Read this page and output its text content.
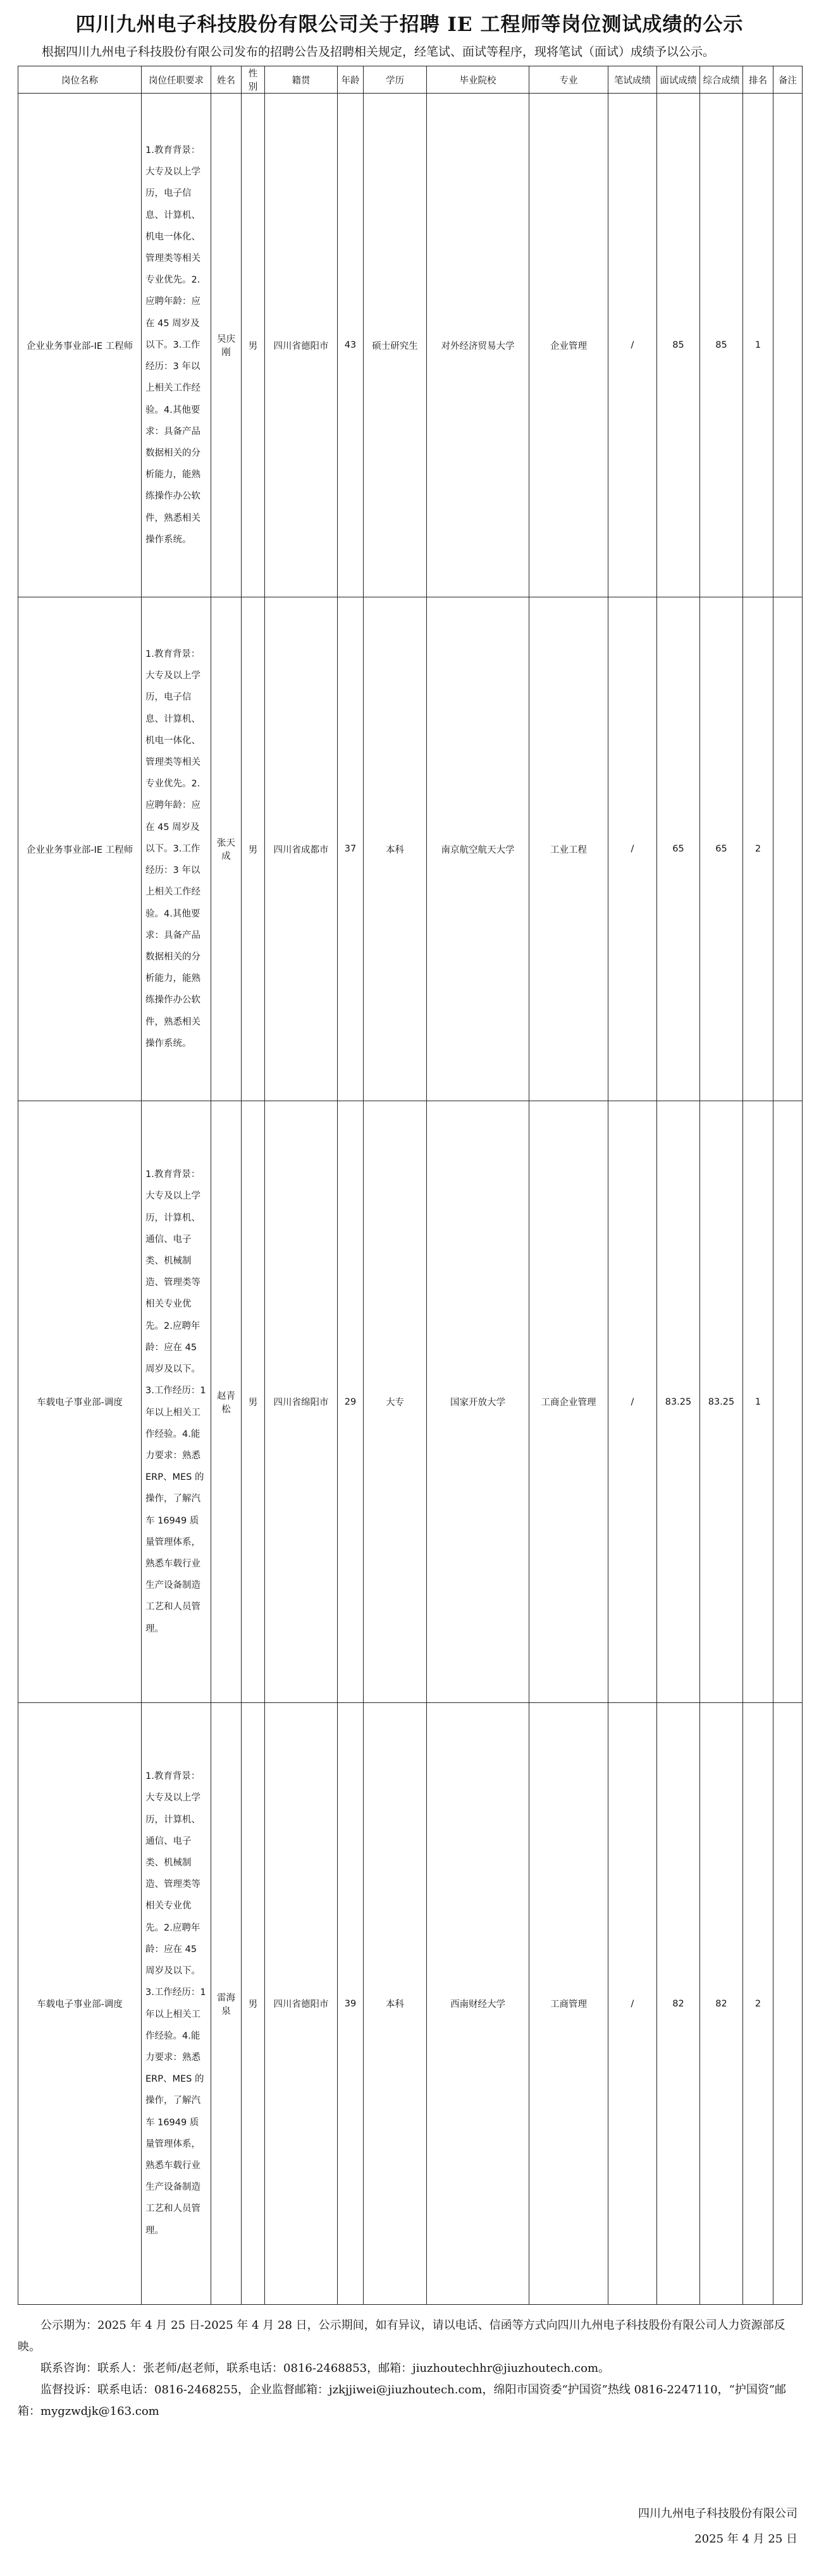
四川九州电子科技股份有限公司关于招聘 IE 工程师等岗位测试成绩的公示

根据四川九州电子科技股份有限公司发布的招聘公告及招聘相关规定，经笔试、面试等程序，现将笔试（面试）成绩予以公示。

岗位名称	岗位任职要求	姓名	性别	籍贯	年龄	学历	毕业院校	专业	笔试成绩	面试成绩	综合成绩	排名	备注
企业业务事业部-IE 工程师	1.教育背景：大专及以上学历，电子信息、计算机、机电一体化、管理类等相关专业优先。2.应聘年龄：应在 45 周岁及以下。3.工作经历：3 年以上相关工作经验。4.其他要求：具备产品数据相关的分析能力，能熟练操作办公软件，熟悉相关操作系统。	吴庆刚	男	四川省德阳市	43	硕士研究生	对外经济贸易大学	企业管理	/	85	85	1	
企业业务事业部-IE 工程师	1.教育背景：大专及以上学历，电子信息、计算机、机电一体化、管理类等相关专业优先。2.应聘年龄：应在 45 周岁及以下。3.工作经历：3 年以上相关工作经验。4.其他要求：具备产品数据相关的分析能力，能熟练操作办公软件，熟悉相关操作系统。	张天成	男	四川省成都市	37	本科	南京航空航天大学	工业工程	/	65	65	2	
车载电子事业部-调度	1.教育背景：大专及以上学历，计算机、通信、电子类、机械制造、管理类等相关专业优先。2.应聘年龄：应在 45 周岁及以下。3.工作经历：1 年以上相关工作经验。4.能力要求：熟悉 ERP、MES 的操作，了解汽车 16949 质量管理体系，熟悉车载行业生产设备制造工艺和人员管理。	赵青松	男	四川省绵阳市	29	大专	国家开放大学	工商企业管理	/	83.25	83.25	1	
车载电子事业部-调度	1.教育背景：大专及以上学历，计算机、通信、电子类、机械制造、管理类等相关专业优先。2.应聘年龄：应在 45 周岁及以下。3.工作经历：1 年以上相关工作经验。4.能力要求：熟悉 ERP、MES 的操作，了解汽车 16949 质量管理体系，熟悉车载行业生产设备制造工艺和人员管理。	雷海泉	男	四川省德阳市	39	本科	西南财经大学	工商管理	/	82	82	2	

公示期为：2025 年 4 月 25 日-2025 年 4 月 28 日，公示期间，如有异议，请以电话、信函等方式向四川九州电子科技股份有限公司人力资源部反映。

联系咨询：联系人：张老师/赵老师，联系电话：0816-2468853，邮箱：jiuzhoutechhr@jiuzhoutech.com。

监督投诉：联系电话：0816-2468255，企业监督邮箱：jzkjjiwei@jiuzhoutech.com，绵阳市国资委“护国资”热线 0816-2247110，“护国资”邮箱：mygzwdjk@163.com

四川九州电子科技股份有限公司
2025 年 4 月 25 日
